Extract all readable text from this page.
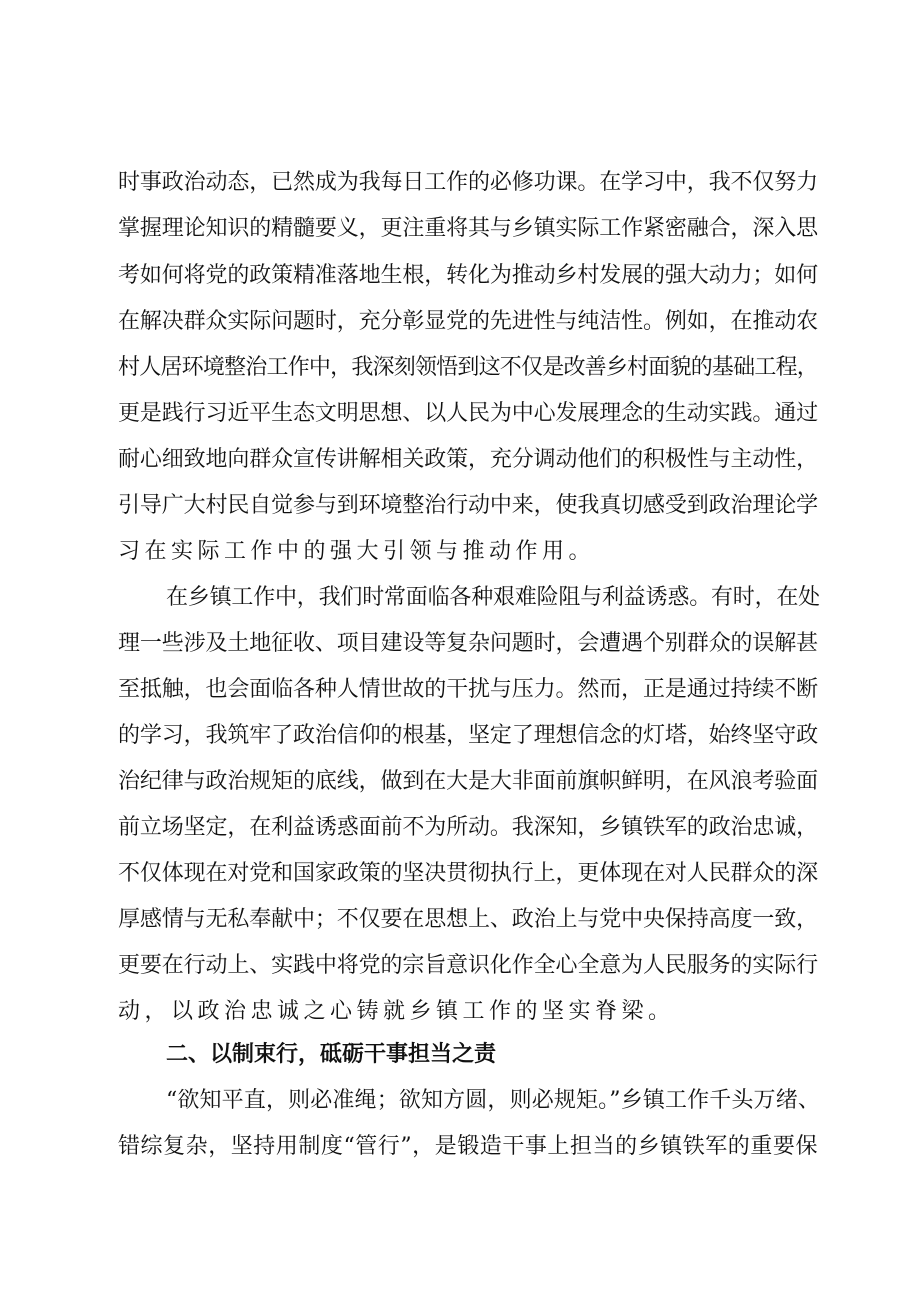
时事政治动态，已然成为我每日工作的必修功课。在学习中，我不仅努力
掌握理论知识的精髓要义，更注重将其与乡镇实际工作紧密融合，深入思
考如何将党的政策精准落地生根，转化为推动乡村发展的强大动力；如何
在解决群众实际问题时，充分彰显党的先进性与纯洁性。例如，在推动农
村人居环境整治工作中，我深刻领悟到这不仅是改善乡村面貌的基础工程，
更是践行习近平生态文明思想、以人民为中心发展理念的生动实践。通过
耐心细致地向群众宣传讲解相关政策，充分调动他们的积极性与主动性，
引导广大村民自觉参与到环境整治行动中来，使我真切感受到政治理论学
习在实际工作中的强大引领与推动作用。
在乡镇工作中，我们时常面临各种艰难险阻与利益诱惑。有时，在处
理一些涉及土地征收、项目建设等复杂问题时，会遭遇个别群众的误解甚
至抵触，也会面临各种人情世故的干扰与压力。然而，正是通过持续不断
的学习，我筑牢了政治信仰的根基，坚定了理想信念的灯塔，始终坚守政
治纪律与政治规矩的底线，做到在大是大非面前旗帜鲜明，在风浪考验面
前立场坚定，在利益诱惑面前不为所动。我深知，乡镇铁军的政治忠诚，
不仅体现在对党和国家政策的坚决贯彻执行上，更体现在对人民群众的深
厚感情与无私奉献中；不仅要在思想上、政治上与党中央保持高度一致，
更要在行动上、实践中将党的宗旨意识化作全心全意为人民服务的实际行
动，以政治忠诚之心铸就乡镇工作的坚实脊梁。
二、以制束行，砥砺干事担当之责
“欲知平直，则必准绳；欲知方圆，则必规矩。”乡镇工作千头万绪、
错综复杂，坚持用制度“管行”，是锻造干事上担当的乡镇铁军的重要保
